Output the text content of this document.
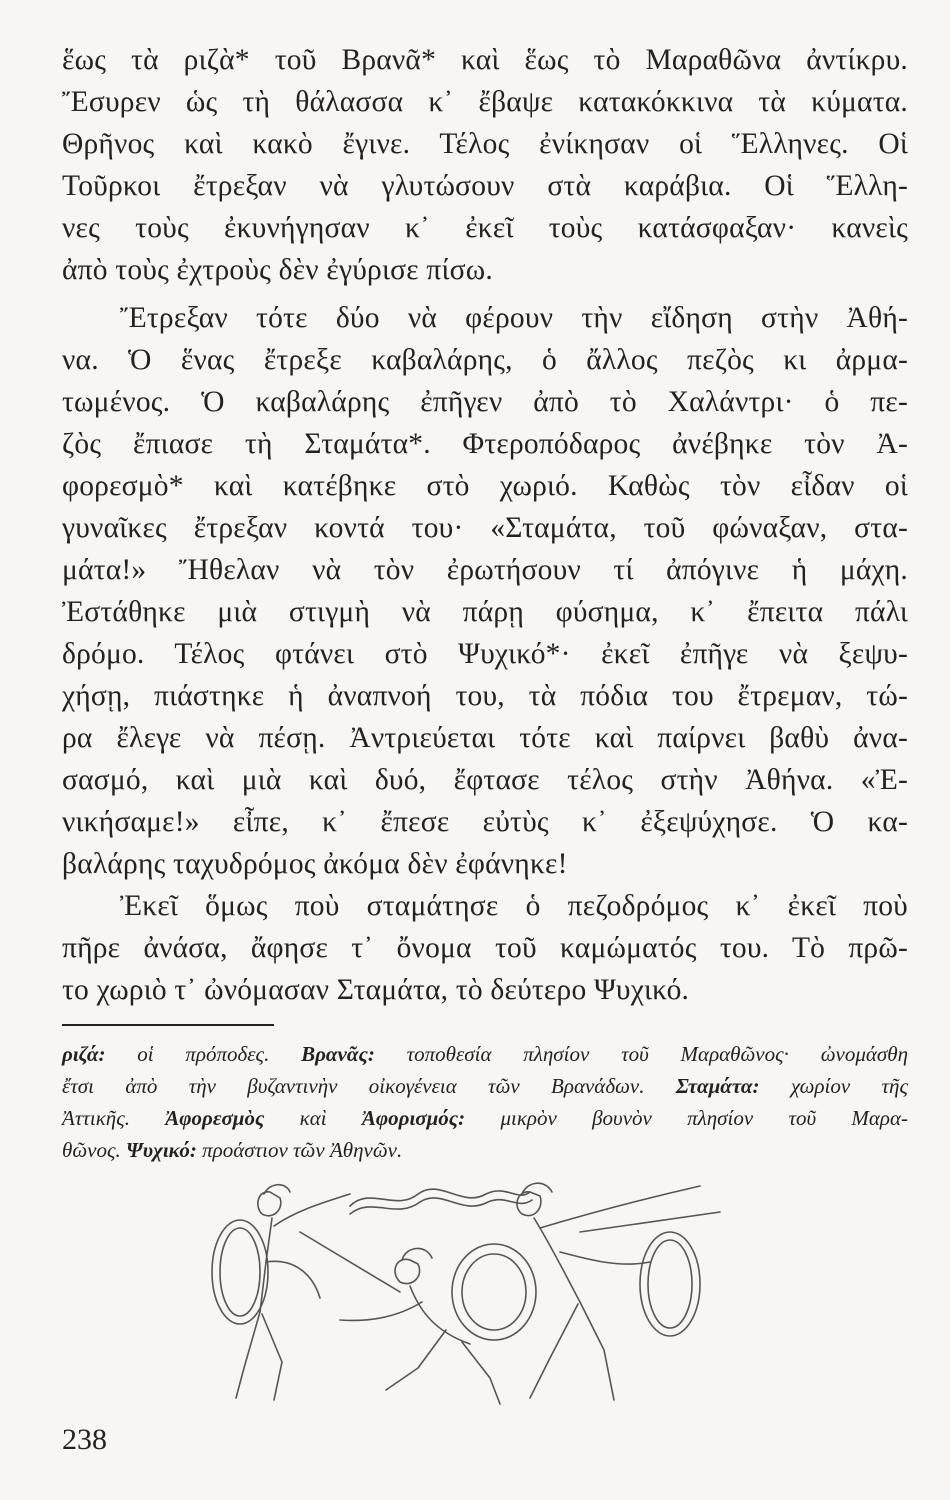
ἕως τὰ ριζὰ* τοῦ Βρανᾶ* καὶ ἕως τὸ Μαραθῶνα ἀντίκρυ.
Ἔσυρεν ὡς τὴ θάλασσα κ᾿ ἔβαψε κατακόκκινα τὰ κύματα.
Θρῆνος καὶ κακὸ ἔγινε. Τέλος ἐνίκησαν οἱ Ἕλληνες. Οἱ
Τοῦρκοι ἔτρεξαν νὰ γλυτώσουν στὰ καράβια. Οἱ Ἕλλη-
νες τοὺς ἐκυνήγησαν κ᾿ ἐκεῖ τοὺς κατάσφαξαν· κανεὶς
ἀπὸ τοὺς ἐχτροὺς δὲν ἐγύρισε πίσω.
Ἔτρεξαν τότε δύο νὰ φέρουν τὴν εἴδηση στὴν Ἀθή-
να. Ὁ ἕνας ἔτρεξε καβαλάρης, ὁ ἄλλος πεζὸς κι ἀρμα-
τωμένος. Ὁ καβαλάρης ἐπῆγεν ἀπὸ τὸ Χαλάντρι· ὁ πε-
ζὸς ἔπιασε τὴ Σταμάτα*. Φτεροπόδαρος ἀνέβηκε τὸν Ἀ-
φορεσμὸ* καὶ κατέβηκε στὸ χωριό. Καθὼς τὸν εἶδαν οἱ
γυναῖκες ἔτρεξαν κοντά του· «Σταμάτα, τοῦ φώναξαν, στα-
μάτα!» Ἤθελαν νὰ τὸν ἐρωτήσουν τί ἀπόγινε ἡ μάχη.
Ἐστάθηκε μιὰ στιγμὴ νὰ πάρῃ φύσημα, κ᾿ ἔπειτα πάλι
δρόμο. Τέλος φτάνει στὸ Ψυχικό*· ἐκεῖ ἐπῆγε νὰ ξεψυ-
χήσῃ, πιάστηκε ἡ ἀναπνοή του, τὰ πόδια του ἔτρεμαν, τώ-
ρα ἔλεγε νὰ πέσῃ. Ἀντριεύεται τότε καὶ παίρνει βαθὺ ἀνα-
σασμό, καὶ μιὰ καὶ δυό, ἔφτασε τέλος στὴν Ἀθήνα. «Ἐ-
νικήσαμε!» εἶπε, κ᾿ ἔπεσε εὐτὺς κ᾿ ἐξεψύχησε. Ὁ κα-
βαλάρης ταχυδρόμος ἀκόμα δὲν ἐφάνηκε!
Ἐκεῖ ὅμως ποὺ σταμάτησε ὁ πεζοδρόμος κ᾿ ἐκεῖ ποὺ
πῆρε ἀνάσα, ἄφησε τ᾿ ὄνομα τοῦ καμώματός του. Τὸ πρῶ-
το χωριὸ τ᾿ ὠνόμασαν Σταμάτα, τὸ δεύτερο Ψυχικό.
ριζά: οἱ πρόποδες. Βρανᾶς: τοποθεσία πλησίον τοῦ Μαραθῶνος· ὠνομάσθη
ἔτσι ἀπὸ τὴν βυζαντινὴν οἰκογένεια τῶν Βρανάδων. Σταμάτα: χωρίον τῆς
Ἀττικῆς. Ἀφορεσμὸς καὶ Ἀφορισμός: μικρὸν βουνὸν πλησίον τοῦ Μαρα-
θῶνος. Ψυχικό: προάστιον τῶν Ἀθηνῶν.
238
